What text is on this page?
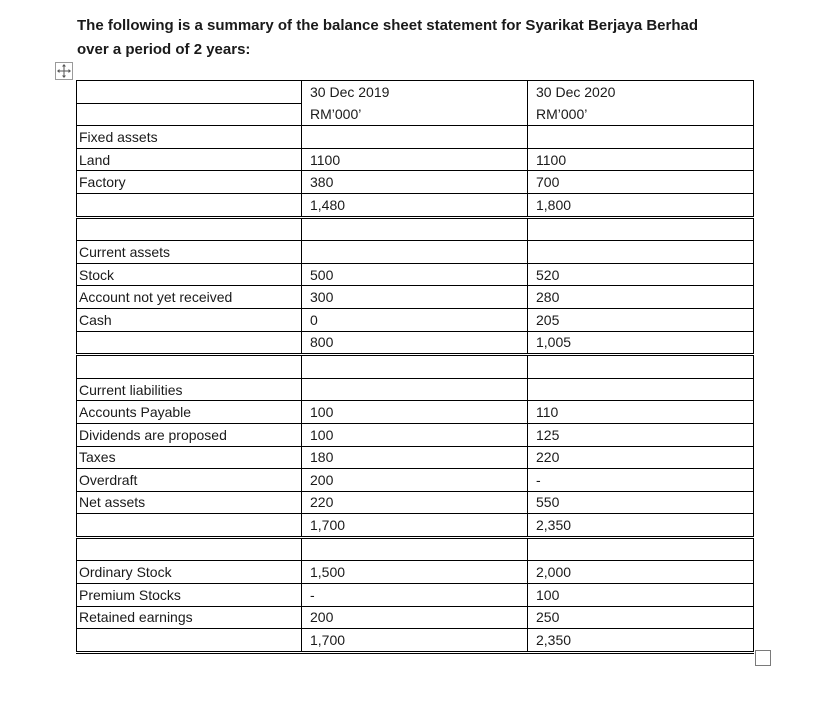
The following is a summary of the balance sheet statement for Syarikat Berjaya Berhad
over a period of 2 years:
	30 Dec 2019	30 Dec 2020
	RM’000’	RM’000’
Fixed assets		
Land	1100	1100
Factory	380	700
	1,480	1,800

Current assets		
Stock	500	520
Account not yet received	300	280
Cash	0	205
	800	1,005

Current liabilities		
Accounts Payable	100	110
Dividends are proposed	100	125
Taxes	180	220
Overdraft	200	-
Net assets	220	550
	1,700	2,350

Ordinary Stock	1,500	2,000
Premium Stocks	-	100
Retained earnings	200	250
	1,700	2,350
